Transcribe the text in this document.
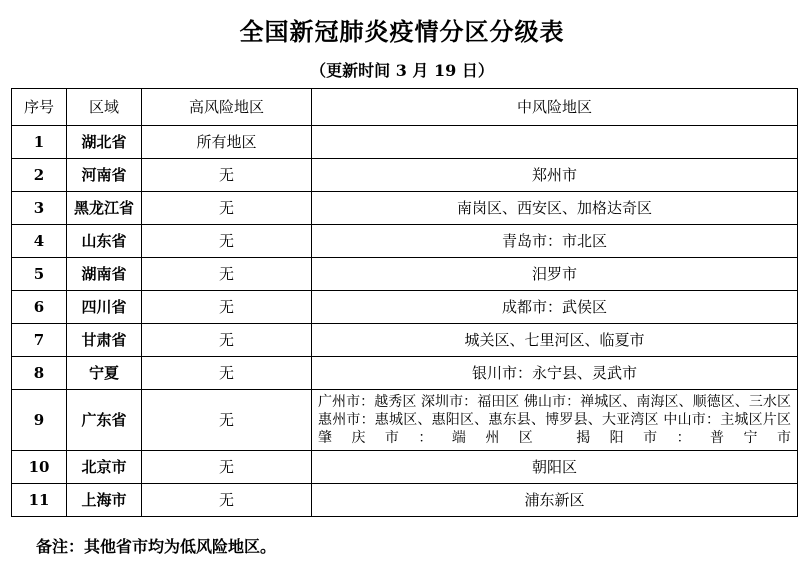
全国新冠肺炎疫情分区分级表
（更新时间 3 月 19 日）
序号	区域	高风险地区	中风险地区
1	湖北省	所有地区	
2	河南省	无	郑州市
3	黑龙江省	无	南岗区、西安区、加格达奇区
4	山东省	无	青岛市：市北区
5	湖南省	无	汨罗市
6	四川省	无	成都市：武侯区
7	甘肃省	无	城关区、七里河区、临夏市
8	宁夏	无	银川市：永宁县、灵武市
9	广东省	无	广州市：越秀区 深圳市：福田区 佛山市：禅城区、南海区、顺德区、三水区 惠州市：惠城区、惠阳区、惠东县、博罗县、大亚湾区 中山市：主城区片区 肇庆市：端州区 揭阳市：普宁市
10	北京市	无	朝阳区
11	上海市	无	浦东新区
备注：其他省市均为低风险地区。
